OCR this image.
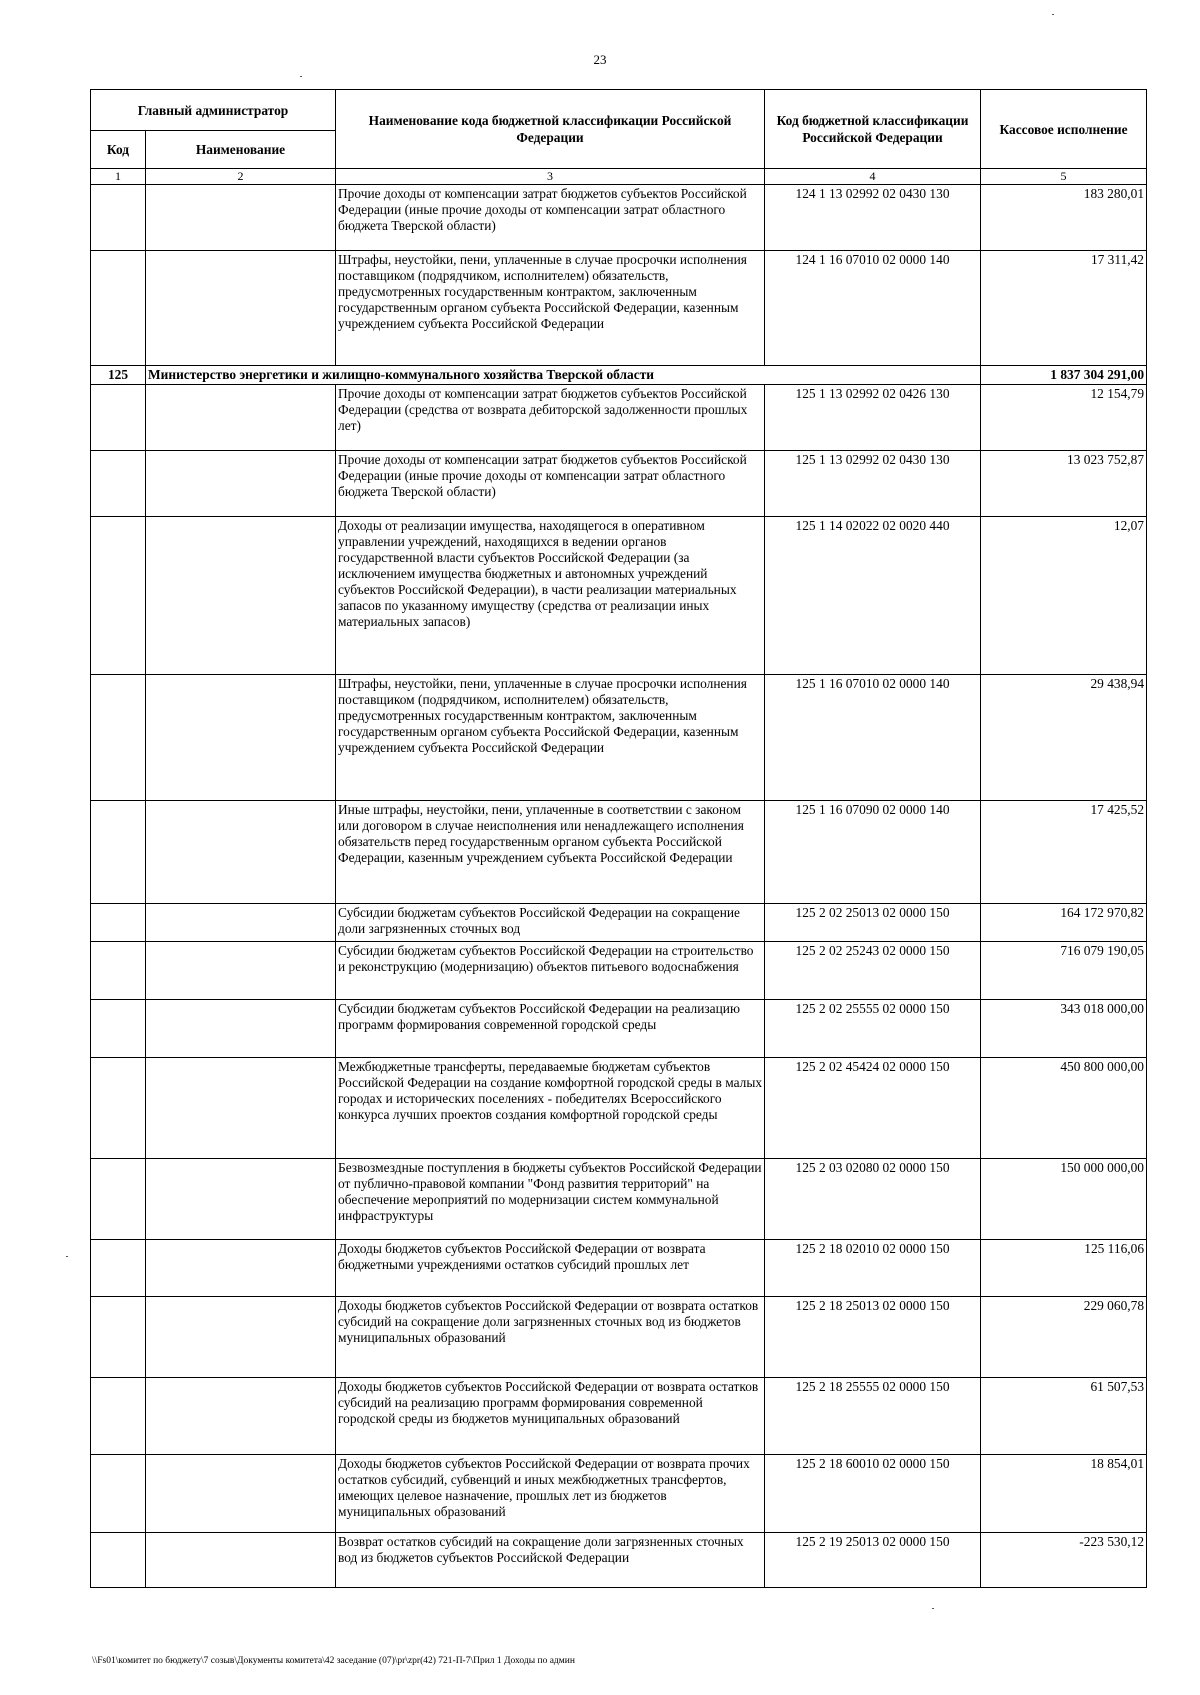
23
Главный администратор		Наименование кода бюджетной классификации Российской Федерации	Код бюджетной классификации Российской Федерации	Кассовое исполнение
Код	Наименование			
1	2	3	4	5
		Прочие доходы от компенсации затрат бюджетов субъектов Российской Федерации (иные прочие доходы от компенсации затрат областного бюджета Тверской области)	124 1 13 02992 02 0430 130	183 280,01
		Штрафы, неустойки, пени, уплаченные в случае просрочки исполнения поставщиком (подрядчиком, исполнителем) обязательств, предусмотренных государственным контрактом, заключенным государственным органом субъекта Российской Федерации, казенным учреждением субъекта Российской Федерации	124 1 16 07010 02 0000 140	17 311,42
125	Министерство энергетики и жилищно-коммунального хозяйства Тверской области			1 837 304 291,00
		Прочие доходы от компенсации затрат бюджетов субъектов Российской Федерации (средства от возврата дебиторской задолженности прошлых лет)	125 1 13 02992 02 0426 130	12 154,79
		Прочие доходы от компенсации затрат бюджетов субъектов Российской Федерации (иные прочие доходы от компенсации затрат областного бюджета Тверской области)	125 1 13 02992 02 0430 130	13 023 752,87
		Доходы от реализации имущества, находящегося в оперативном управлении учреждений, находящихся в ведении органов государственной власти субъектов Российской Федерации (за исключением имущества бюджетных и автономных учреждений субъектов Российской Федерации), в части реализации материальных запасов по указанному имуществу (средства от реализации иных материальных запасов)	125 1 14 02022 02 0020 440	12,07
		Штрафы, неустойки, пени, уплаченные в случае просрочки исполнения поставщиком (подрядчиком, исполнителем) обязательств, предусмотренных государственным контрактом, заключенным государственным органом субъекта Российской Федерации, казенным учреждением субъекта Российской Федерации	125 1 16 07010 02 0000 140	29 438,94
		Иные штрафы, неустойки, пени, уплаченные в соответствии с законом или договором в случае неисполнения или ненадлежащего исполнения обязательств перед государственным органом субъекта Российской Федерации, казенным учреждением субъекта Российской Федерации	125 1 16 07090 02 0000 140	17 425,52
		Субсидии бюджетам субъектов Российской Федерации на сокращение доли загрязненных сточных вод	125 2 02 25013 02 0000 150	164 172 970,82
		Субсидии бюджетам субъектов Российской Федерации на строительство и реконструкцию (модернизацию) объектов питьевого водоснабжения	125 2 02 25243 02 0000 150	716 079 190,05
		Субсидии бюджетам субъектов Российской Федерации на реализацию программ формирования современной городской среды	125 2 02 25555 02 0000 150	343 018 000,00
		Межбюджетные трансферты, передаваемые бюджетам субъектов Российской Федерации на создание комфортной городской среды в малых городах и исторических поселениях - победителях Всероссийского конкурса лучших проектов создания комфортной городской среды	125 2 02 45424 02 0000 150	450 800 000,00
		Безвозмездные поступления в бюджеты субъектов Российской Федерации от публично-правовой компании "Фонд развития территорий" на обеспечение мероприятий по модернизации систем коммунальной инфраструктуры	125 2 03 02080 02 0000 150	150 000 000,00
		Доходы бюджетов субъектов Российской Федерации от возврата бюджетными учреждениями остатков субсидий прошлых лет	125 2 18 02010 02 0000 150	125 116,06
		Доходы бюджетов субъектов Российской Федерации от возврата остатков субсидий на сокращение доли загрязненных сточных вод из бюджетов муниципальных образований	125 2 18 25013 02 0000 150	229 060,78
		Доходы бюджетов субъектов Российской Федерации от возврата остатков субсидий на реализацию программ формирования современной городской среды из бюджетов муниципальных образований	125 2 18 25555 02 0000 150	61 507,53
		Доходы бюджетов субъектов Российской Федерации от возврата прочих остатков субсидий, субвенций и иных межбюджетных трансфертов, имеющих целевое назначение, прошлых лет из бюджетов муниципальных образований	125 2 18 60010 02 0000 150	18 854,01
		Возврат остатков субсидий на сокращение доли загрязненных сточных вод из бюджетов субъектов Российской Федерации	125 2 19 25013 02 0000 150	-223 530,12
\\Fs01\комитет по бюджету\7 созыв\Документы комитета\42 заседание (07)\pr\zpr(42) 721-П-7\Прил 1 Доходы по админ
